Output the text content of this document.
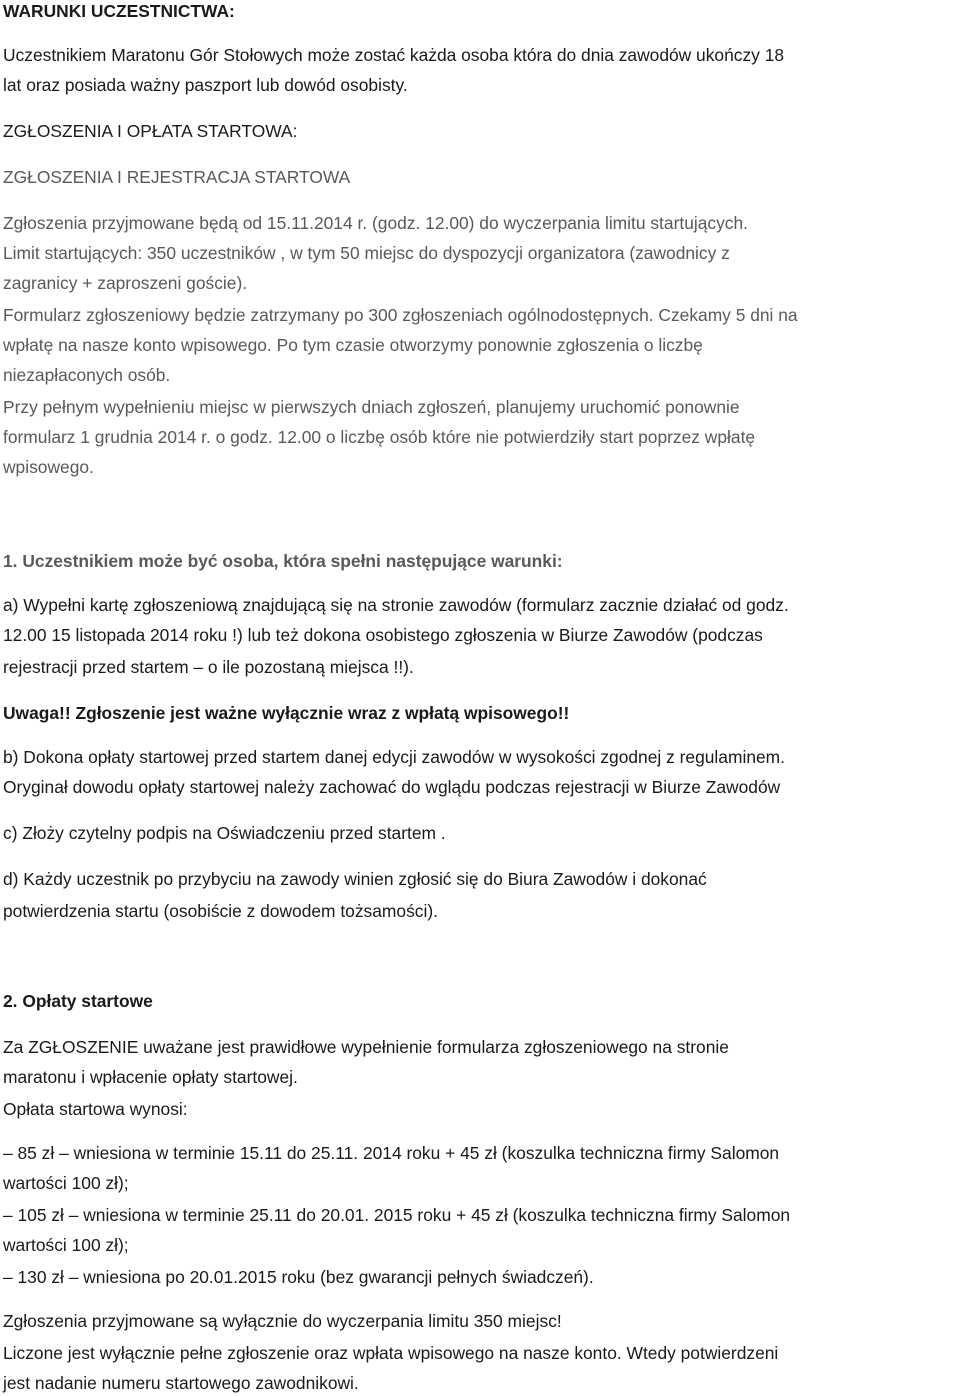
WARUNKI UCZESTNICTWA:
Uczestnikiem Maratonu Gór Stołowych może zostać każda osoba która do dnia zawodów ukończy 18
lat oraz posiada ważny paszport lub dowód osobisty.
ZGŁOSZENIA I OPŁATA STARTOWA:
ZGŁOSZENIA I REJESTRACJA STARTOWA
Zgłoszenia przyjmowane będą od 15.11.2014 r. (godz. 12.00) do wyczerpania limitu startujących.
Limit startujących: 350 uczestników , w tym 50 miejsc do dyspozycji organizatora (zawodnicy z
zagranicy + zaproszeni goście).
Formularz zgłoszeniowy będzie zatrzymany po 300 zgłoszeniach ogólnodostępnych. Czekamy 5 dni na
wpłatę na nasze konto wpisowego. Po tym czasie otworzymy ponownie zgłoszenia o liczbę
niezapłaconych osób.
Przy pełnym wypełnieniu miejsc w pierwszych dniach zgłoszeń, planujemy uruchomić ponownie
formularz 1 grudnia 2014 r. o godz. 12.00 o liczbę osób które nie potwierdziły start poprzez wpłatę
wpisowego.
1. Uczestnikiem może być osoba, która spełni następujące warunki:
a) Wypełni kartę zgłoszeniową znajdującą się na stronie zawodów (formularz zacznie działać od godz.
12.00 15 listopada 2014 roku !) lub też dokona osobistego zgłoszenia w Biurze Zawodów (podczas
rejestracji przed startem – o ile pozostaną miejsca !!).
Uwaga!! Zgłoszenie jest ważne wyłącznie wraz z wpłatą wpisowego!!
b) Dokona opłaty startowej przed startem danej edycji zawodów w wysokości zgodnej z regulaminem.
Oryginał dowodu opłaty startowej należy zachować do wglądu podczas rejestracji w Biurze Zawodów
c) Złoży czytelny podpis na Oświadczeniu przed startem .
d) Każdy uczestnik po przybyciu na zawody winien zgłosić się do Biura Zawodów i dokonać
potwierdzenia startu (osobiście z dowodem tożsamości).
2. Opłaty startowe
Za ZGŁOSZENIE uważane jest prawidłowe wypełnienie formularza zgłoszeniowego na stronie
maratonu i wpłacenie opłaty startowej.
Opłata startowa wynosi:
– 85 zł – wniesiona w terminie 15.11 do 25.11. 2014 roku + 45 zł (koszulka techniczna firmy Salomon
wartości 100 zł);
– 105 zł – wniesiona w terminie 25.11 do 20.01. 2015 roku + 45 zł (koszulka techniczna firmy Salomon
wartości 100 zł);
– 130 zł – wniesiona po 20.01.2015 roku (bez gwarancji pełnych świadczeń).
Zgłoszenia przyjmowane są wyłącznie do wyczerpania limitu 350 miejsc!
Liczone jest wyłącznie pełne zgłoszenie oraz wpłata wpisowego na nasze konto. Wtedy potwierdzeni
jest nadanie numeru startowego zawodnikowi.
